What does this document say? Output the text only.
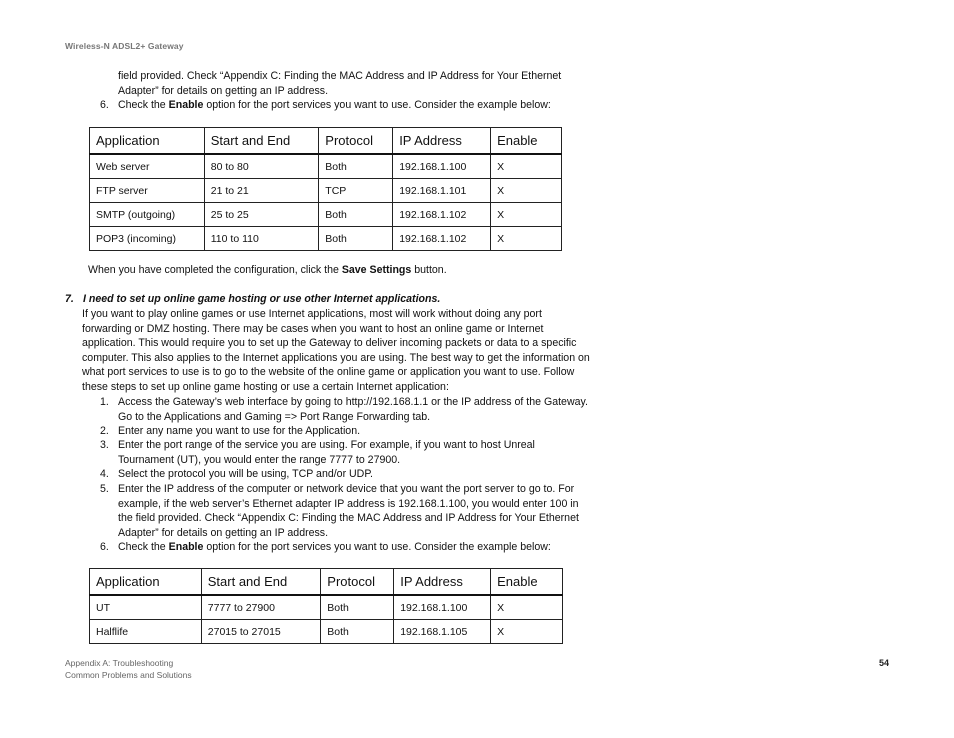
Wireless-N ADSL2+ Gateway
field provided. Check “Appendix C: Finding the MAC Address and IP Address for Your Ethernet Adapter” for details on getting an IP address.
6. Check the Enable option for the port services you want to use. Consider the example below:
Application	Start and End	Protocol	IP Address	Enable
Web server	80 to 80	Both	192.168.1.100	X
FTP server	21 to 21	TCP	192.168.1.101	X
SMTP (outgoing)	25 to 25	Both	192.168.1.102	X
POP3 (incoming)	110 to 110	Both	192.168.1.102	X
When you have completed the configuration, click the Save Settings button.
7. I need to set up online game hosting or use other Internet applications.
If you want to play online games or use Internet applications, most will work without doing any port forwarding or DMZ hosting. There may be cases when you want to host an online game or Internet application. This would require you to set up the Gateway to deliver incoming packets or data to a specific computer. This also applies to the Internet applications you are using. The best way to get the information on what port services to use is to go to the website of the online game or application you want to use. Follow these steps to set up online game hosting or use a certain Internet application:
1. Access the Gateway’s web interface by going to http://192.168.1.1 or the IP address of the Gateway. Go to the Applications and Gaming => Port Range Forwarding tab.
2. Enter any name you want to use for the Application.
3. Enter the port range of the service you are using. For example, if you want to host Unreal Tournament (UT), you would enter the range 7777 to 27900.
4. Select the protocol you will be using, TCP and/or UDP.
5. Enter the IP address of the computer or network device that you want the port server to go to. For example, if the web server’s Ethernet adapter IP address is 192.168.1.100, you would enter 100 in the field provided. Check “Appendix C: Finding the MAC Address and IP Address for Your Ethernet Adapter” for details on getting an IP address.
6. Check the Enable option for the port services you want to use. Consider the example below:
Application	Start and End	Protocol	IP Address	Enable
UT	7777 to 27900	Both	192.168.1.100	X
Halflife	27015 to 27015	Both	192.168.1.105	X
Appendix A: Troubleshooting
Common Problems and Solutions
54
